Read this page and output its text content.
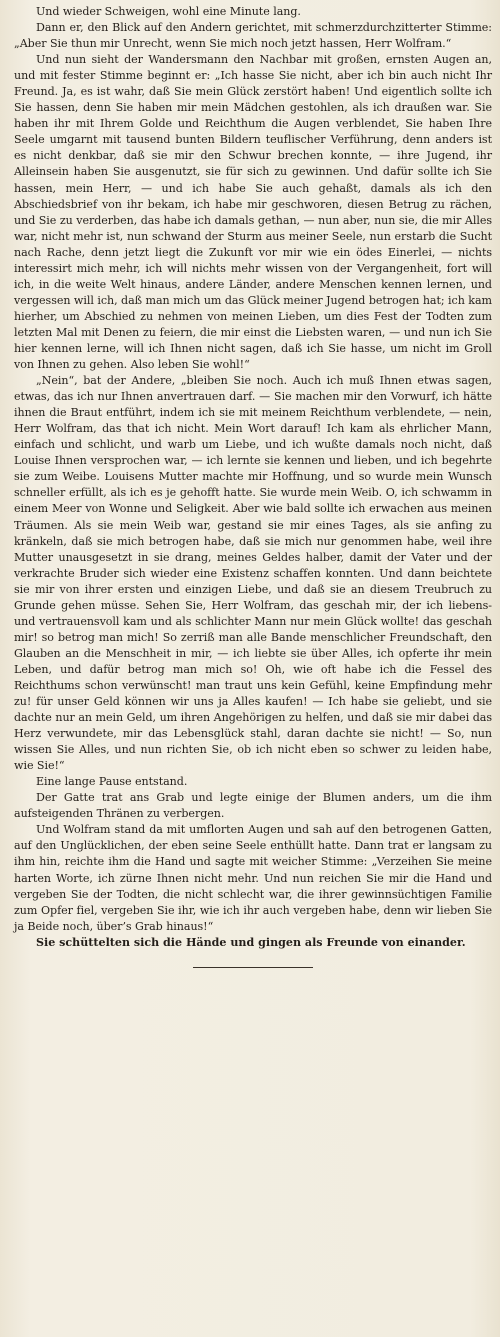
Und wieder Schweigen, wohl eine Minute lang.

Dann er, den Blick auf den Andern gerichtet, mit schmerzdurchzitterter Stimme: „Aber Sie thun mir Unrecht, wenn Sie mich noch jetzt hassen, Herr Wolfram.“

Und nun sieht der Wandersmann den Nachbar mit großen, ernsten Augen an, und mit fester Stimme beginnt er: „Ich hasse Sie nicht, aber ich bin auch nicht Ihr Freund. Ja, es ist wahr, daß Sie mein Glück zerstört haben! Und eigentlich sollte ich Sie hassen, denn Sie haben mir mein Mädchen gestohlen, als ich draußen war. Sie haben ihr mit Ihrem Golde und Reichthum die Augen verblendet, Sie haben Ihre Seele umgarnt mit tausend bunten Bildern teuflischer Verführung, denn anders ist es nicht denkbar, daß sie mir den Schwur brechen konnte, — ihre Jugend, ihr Alleinsein haben Sie ausgenutzt, sie für sich zu gewinnen. Und dafür sollte ich Sie hassen, mein Herr, — und ich habe Sie auch gehaßt, damals als ich den Abschiedsbrief von ihr bekam, ich habe mir geschworen, diesen Betrug zu rächen, und Sie zu verderben, das habe ich damals gethan, — nun aber, nun sie, die mir Alles war, nicht mehr ist, nun schwand der Sturm aus meiner Seele, nun erstarb die Sucht nach Rache, denn jetzt liegt die Zukunft vor mir wie ein ödes Einerlei, — nichts interessirt mich mehr, ich will nichts mehr wissen von der Vergangenheit, fort will ich, in die weite Welt hinaus, andere Länder, andere Menschen kennen lernen, und vergessen will ich, daß man mich um das Glück meiner Jugend betrogen hat; ich kam hierher, um Abschied zu nehmen von meinen Lieben, um dies Fest der Todten zum letzten Mal mit Denen zu feiern, die mir einst die Liebsten waren, — und nun ich Sie hier kennen lerne, will ich Ihnen nicht sagen, daß ich Sie hasse, um nicht im Groll von Ihnen zu gehen. Also leben Sie wohl!“

„Nein“, bat der Andere, „bleiben Sie noch. Auch ich muß Ihnen etwas sagen, etwas, das ich nur Ihnen anvertrauen darf. — Sie machen mir den Vorwurf, ich hätte ihnen die Braut entführt, indem ich sie mit meinem Reichthum verblendete, — nein, Herr Wolfram, das that ich nicht. Mein Wort darauf! Ich kam als ehrlicher Mann, einfach und schlicht, und warb um Liebe, und ich wußte damals noch nicht, daß Louise Ihnen versprochen war, — ich lernte sie kennen und lieben, und ich begehrte sie zum Weibe. Louisens Mutter machte mir Hoffnung, und so wurde mein Wunsch schneller erfüllt, als ich es je gehofft hatte. Sie wurde mein Weib. O, ich schwamm in einem Meer von Wonne und Seligkeit. Aber wie bald sollte ich erwachen aus meinen Träumen. Als sie mein Weib war, gestand sie mir eines Tages, als sie anfing zu kränkeln, daß sie mich betrogen habe, daß sie mich nur genommen habe, weil ihre Mutter unausgesetzt in sie drang, meines Geldes halber, damit der Vater und der verkrachte Bruder sich wieder eine Existenz schaffen konnten. Und dann beichtete sie mir von ihrer ersten und einzigen Liebe, und daß sie an diesem Treubruch zu Grunde gehen müsse. Sehen Sie, Herr Wolfram, das geschah mir, der ich liebens- und vertrauensvoll kam und als schlichter Mann nur mein Glück wollte! das geschah mir! so betrog man mich! So zerriß man alle Bande menschlicher Freundschaft, den Glauben an die Menschheit in mir, — ich liebte sie über Alles, ich opferte ihr mein Leben, und dafür betrog man mich so! Oh, wie oft habe ich die Fessel des Reichthums schon verwünscht! man traut uns kein Gefühl, keine Empfindung mehr zu! für unser Geld können wir uns ja Alles kaufen! — Ich habe sie geliebt, und sie dachte nur an mein Geld, um ihren Angehörigen zu helfen, und daß sie mir dabei das Herz verwundete, mir das Lebensglück stahl, daran dachte sie nicht! — So, nun wissen Sie Alles, und nun richten Sie, ob ich nicht eben so schwer zu leiden habe, wie Sie!“

Eine lange Pause entstand.

Der Gatte trat ans Grab und legte einige der Blumen anders, um die ihm aufsteigenden Thränen zu verbergen.

Und Wolfram stand da mit umflorten Augen und sah auf den betrogenen Gatten, auf den Unglücklichen, der eben seine Seele enthüllt hatte. Dann trat er langsam zu ihm hin, reichte ihm die Hand und sagte mit weicher Stimme: „Verzeihen Sie meine harten Worte, ich zürne Ihnen nicht mehr. Und nun reichen Sie mir die Hand und vergeben Sie der Todten, die nicht schlecht war, die ihrer gewinnsüchtigen Familie zum Opfer fiel, vergeben Sie ihr, wie ich ihr auch vergeben habe, denn wir lieben Sie ja Beide noch, über’s Grab hinaus!“

Sie schüttelten sich die Hände und gingen als Freunde von einander.
